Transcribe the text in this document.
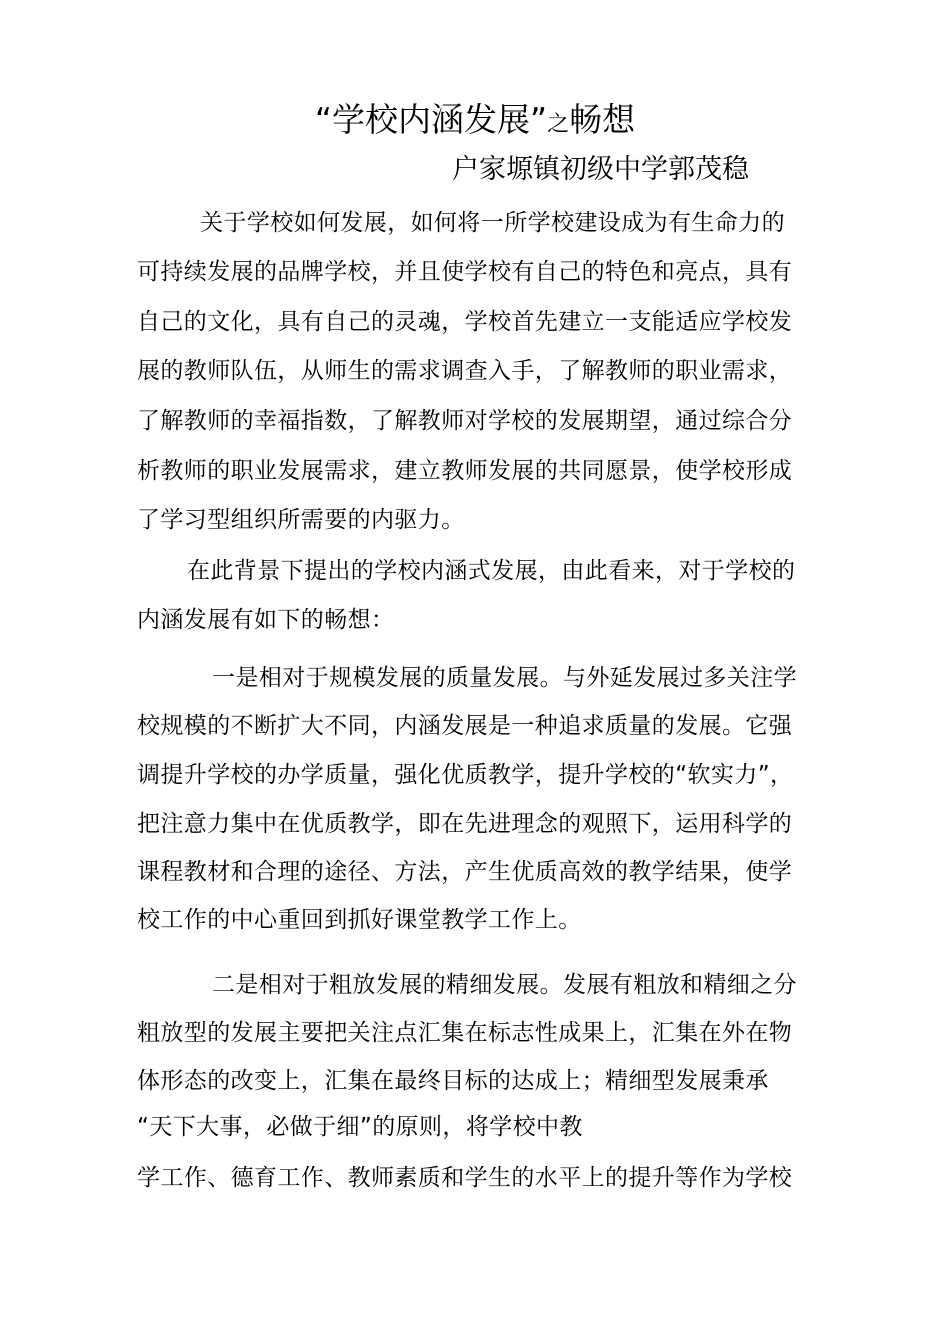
“学校内涵发展”之畅想
户家塬镇初级中学郭茂稳
关于学校如何发展，如何将一所学校建设成为有生命力的
可持续发展的品牌学校，并且使学校有自己的特色和亮点，具有
自己的文化，具有自己的灵魂，学校首先建立一支能适应学校发
展的教师队伍，从师生的需求调查入手，了解教师的职业需求，
了解教师的幸福指数，了解教师对学校的发展期望，通过综合分
析教师的职业发展需求，建立教师发展的共同愿景，使学校形成
了学习型组织所需要的内驱力。
在此背景下提出的学校内涵式发展，由此看来，对于学校的
内涵发展有如下的畅想：
一是相对于规模发展的质量发展。与外延发展过多关注学
校规模的不断扩大不同，内涵发展是一种追求质量的发展。它强
调提升学校的办学质量，强化优质教学，提升学校的“软实力”，
把注意力集中在优质教学，即在先进理念的观照下，运用科学的
课程教材和合理的途径、方法，产生优质高效的教学结果，使学
校工作的中心重回到抓好课堂教学工作上。
二是相对于粗放发展的精细发展。发展有粗放和精细之分
粗放型的发展主要把关注点汇集在标志性成果上，汇集在外在物
体形态的改变上，汇集在最终目标的达成上；精细型发展秉承
“天下大事，必做于细”的原则，将学校中教
学工作、德育工作、教师素质和学生的水平上的提升等作为学校
